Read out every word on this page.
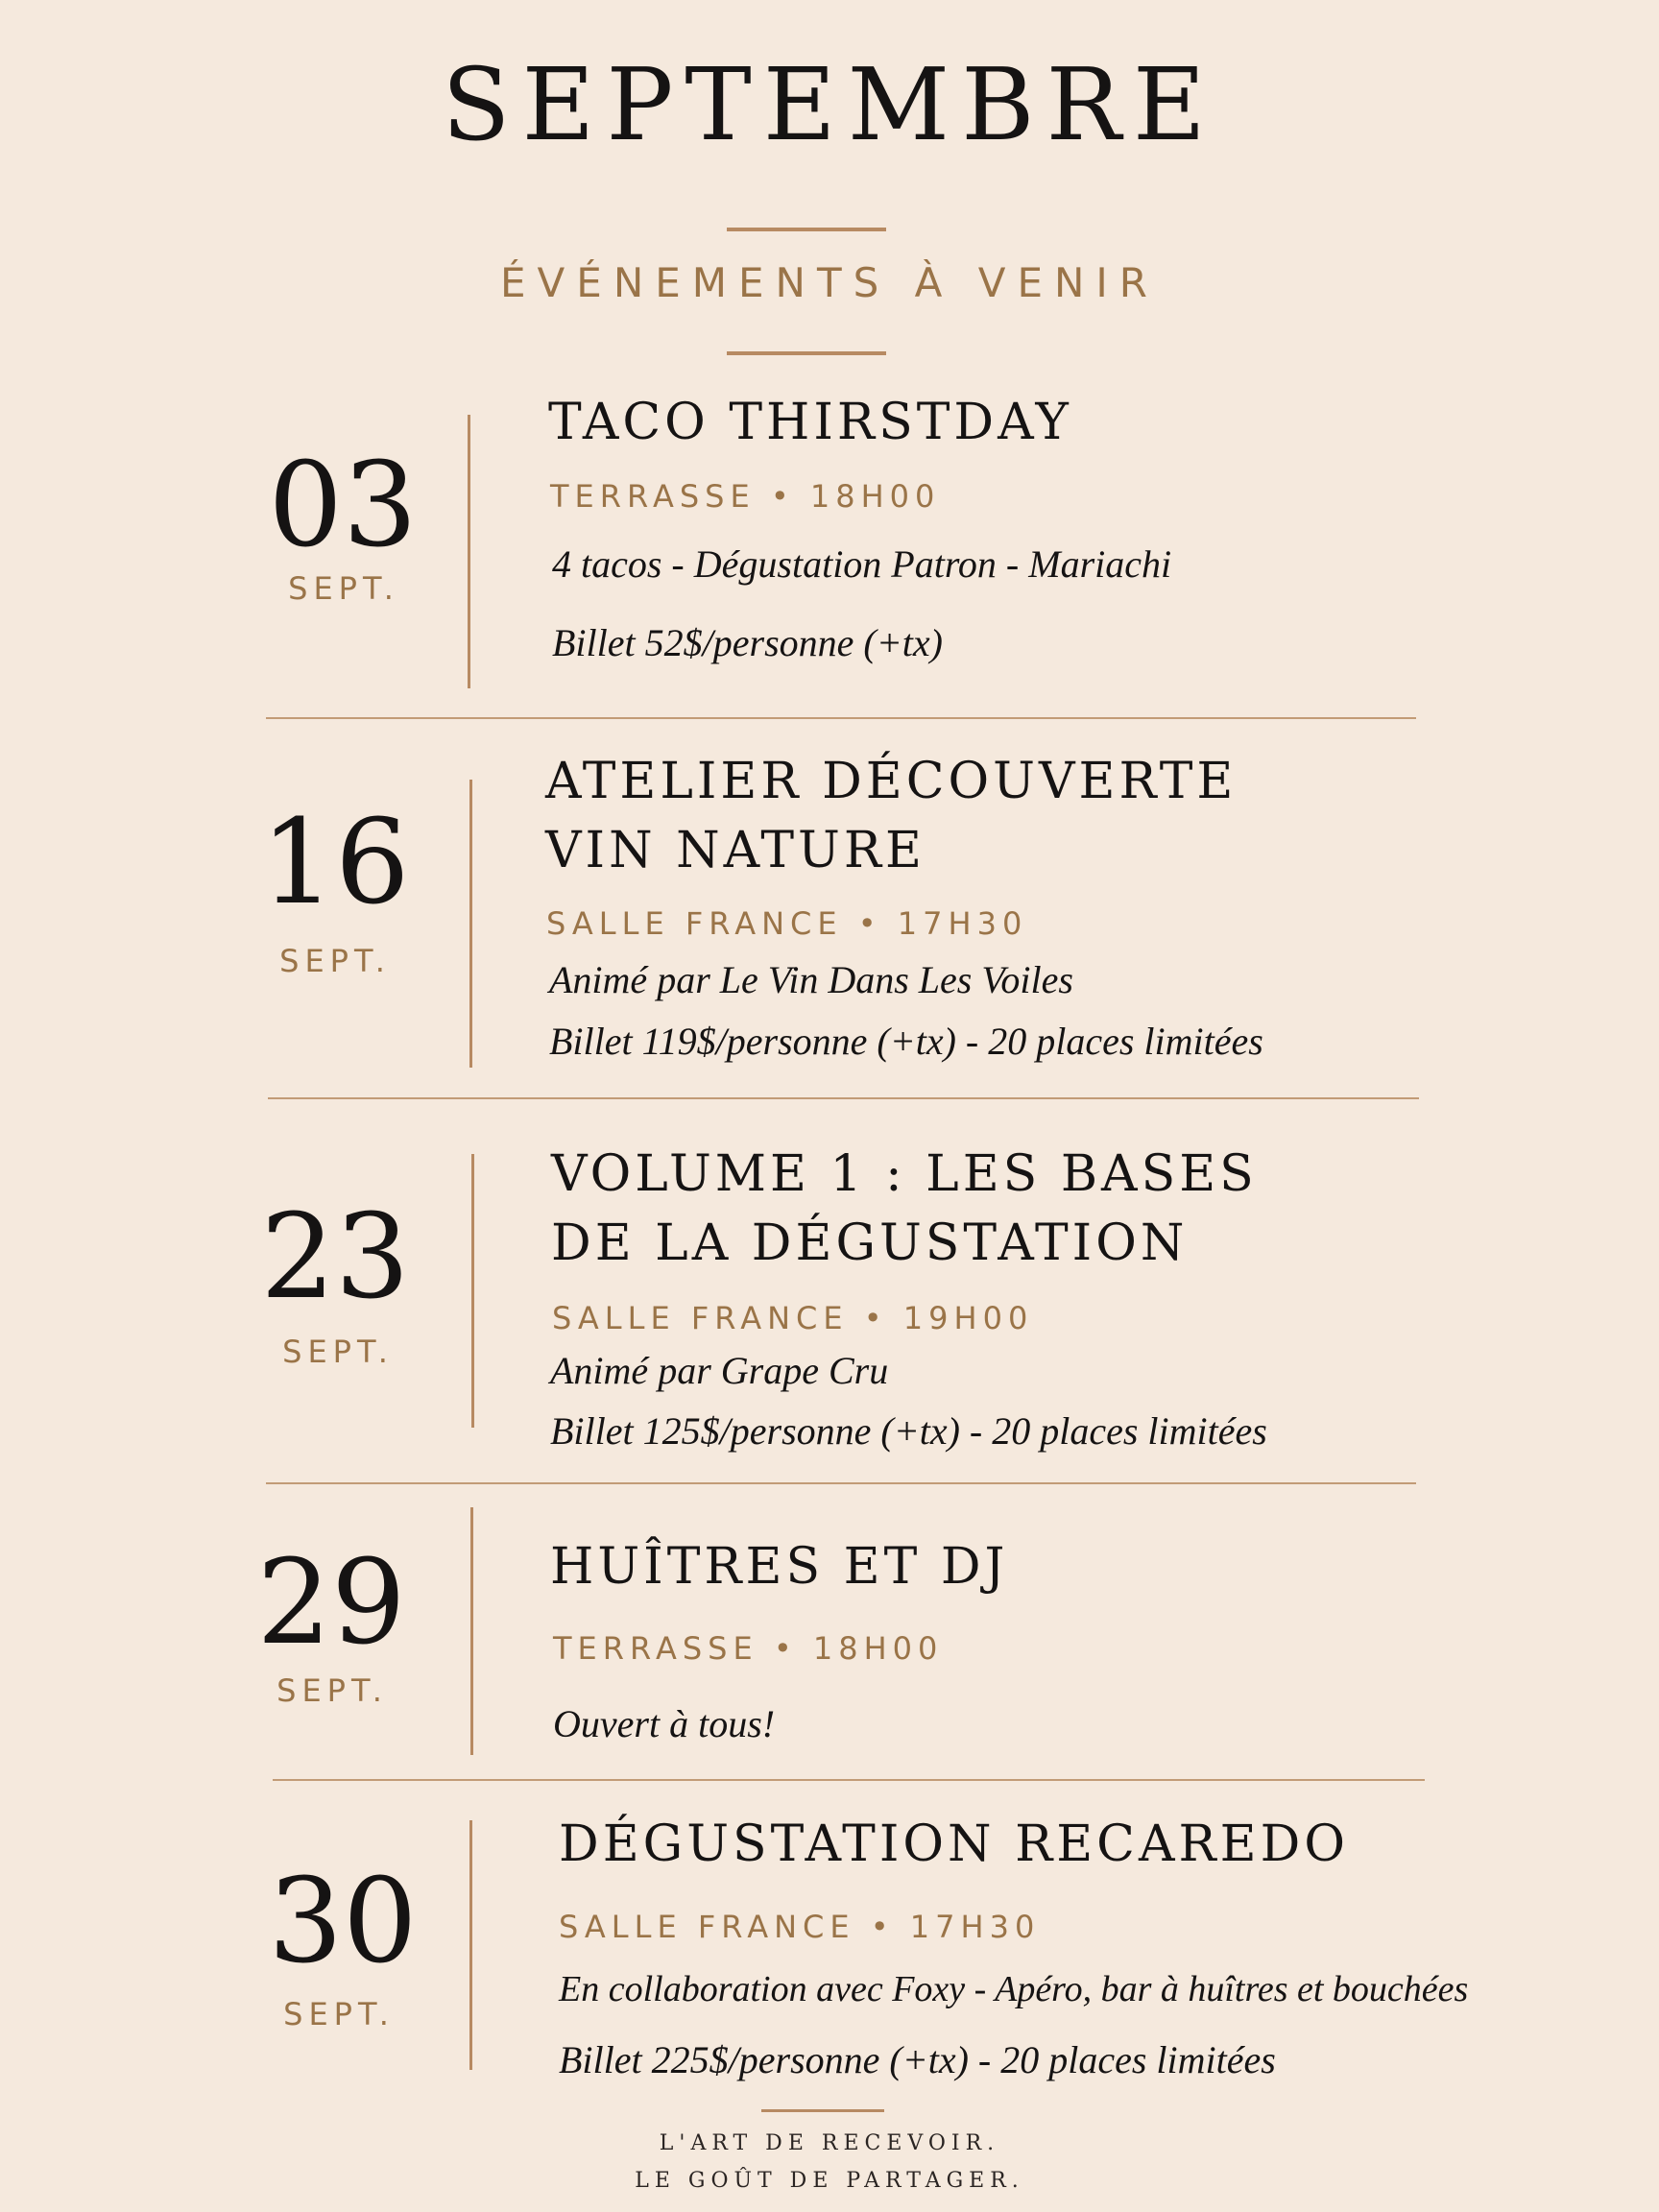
SEPTEMBRE
ÉVÉNEMENTS À VENIR
03
SEPT.
TACO THIRSTDAY
TERRASSE • 18H00
4 tacos - Dégustation Patron - Mariachi
Billet 52$/personne (+tx)
16
SEPT.
ATELIER DÉCOUVERTE
VIN NATURE
SALLE FRANCE • 17H30
Animé par Le Vin Dans Les Voiles
Billet 119$/personne (+tx) - 20 places limitées
23
SEPT.
VOLUME 1 : LES BASES
DE LA DÉGUSTATION
SALLE FRANCE • 19H00
Animé par Grape Cru
Billet 125$/personne (+tx) - 20 places limitées
29
SEPT.
HUÎTRES ET DJ
TERRASSE • 18H00
Ouvert à tous!
30
SEPT.
DÉGUSTATION RECAREDO
SALLE FRANCE • 17H30
En collaboration avec Foxy - Apéro, bar à huîtres et bouchées
Billet 225$/personne (+tx) - 20 places limitées
L'ART DE RECEVOIR.
LE GOÛT DE PARTAGER.
